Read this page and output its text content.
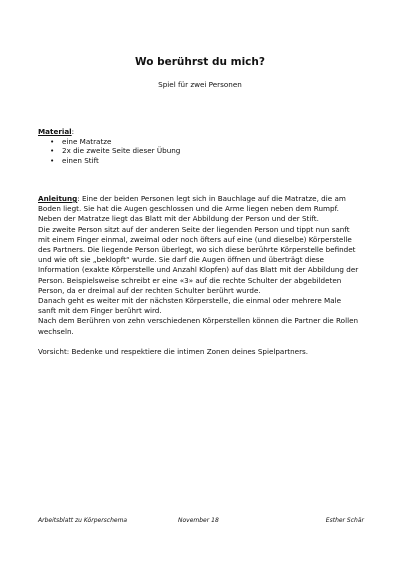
Wo berührst du mich?

Spiel für zwei Personen

Material:
• eine Matratze
• 2x die zweite Seite dieser Übung
• einen Stift

Anleitung: Eine der beiden Personen legt sich in Bauchlage auf die Matratze, die am Boden liegt. Sie hat die Augen geschlossen und die Arme liegen neben dem Rumpf. Neben der Matratze liegt das Blatt mit der Abbildung der Person und der Stift.

Die zweite Person sitzt auf der anderen Seite der liegenden Person und tippt nun sanft mit einem Finger einmal, zweimal oder noch öfters auf eine (und dieselbe) Körperstelle des Partners. Die liegende Person überlegt, wo sich diese berührte Körperstelle befindet und wie oft sie „beklopft“ wurde. Sie darf die Augen öffnen und überträgt diese Information (exakte Körperstelle und Anzahl Klopfen) auf das Blatt mit der Abbildung der Person. Beispielsweise schreibt er eine «3» auf die rechte Schulter der abgebildeten Person, da er dreimal auf der rechten Schulter berührt wurde.

Danach geht es weiter mit der nächsten Körperstelle, die einmal oder mehrere Male sanft mit dem Finger berührt wird.

Nach dem Berühren von zehn verschiedenen Körperstellen können die Partner die Rollen wechseln.

Vorsicht: Bedenke und respektiere die intimen Zonen deines Spielpartners.

Arbeitsblatt zu Körperschema	November 18	Esther Schär
